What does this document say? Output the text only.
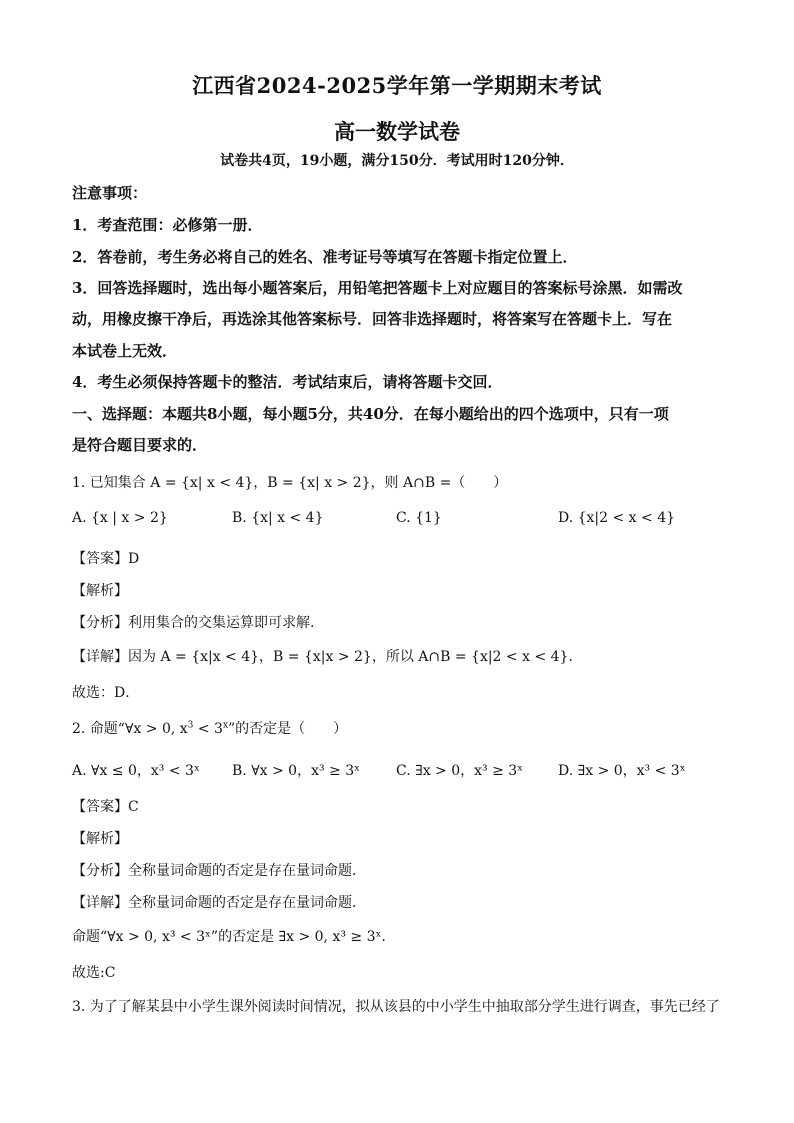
江西省2024-2025学年第一学期期末考试
高一数学试卷
试卷共4页，19小题，满分150分．考试用时120分钟．
注意事项：
1．考查范围：必修第一册．
2．答卷前，考生务必将自己的姓名、准考证号等填写在答题卡指定位置上．
3．回答选择题时，选出每小题答案后，用铅笔把答题卡上对应题目的答案标号涂黑．如需改
动，用橡皮擦干净后，再选涂其他答案标号．回答非选择题时，将答案写在答题卡上．写在
本试卷上无效．
4．考生必须保持答题卡的整洁．考试结束后，请将答题卡交回．
一、选择题：本题共8小题，每小题5分，共40分．在每小题给出的四个选项中，只有一项
是符合题目要求的．
1. 已知集合 A = {x| x < 4}，B = {x| x > 2}，则 A∩B =（　　）
A. {x | x > 2}	B. {x| x < 4}	C. {1}	D. {x|2 < x < 4}
【答案】D
【解析】
【分析】利用集合的交集运算即可求解.
【详解】因为 A = {x|x < 4}，B = {x|x > 2}，所以 A∩B = {x|2 < x < 4}．
故选：D．
2. 命题“∀x > 0, $x^3 < 3^x$”的否定是（　　）
A. ∀x ≤ 0，x³ < 3ˣ B. ∀x > 0，x³ ≥ 3ˣ	C. ∃x > 0，x³ ≥ 3ˣ D. ∃x > 0，x³ < 3ˣ
【答案】C
【解析】
【分析】全称量词命题的否定是存在量词命题．
【详解】全称量词命题的否定是存在量词命题．
命题“∀x > 0, x³ < 3ˣ”的否定是 ∃x > 0, x³ ≥ 3ˣ.
故选:C
3. 为了了解某县中小学生课外阅读时间情况，拟从该县的中小学生中抽取部分学生进行调查，事先已经了
